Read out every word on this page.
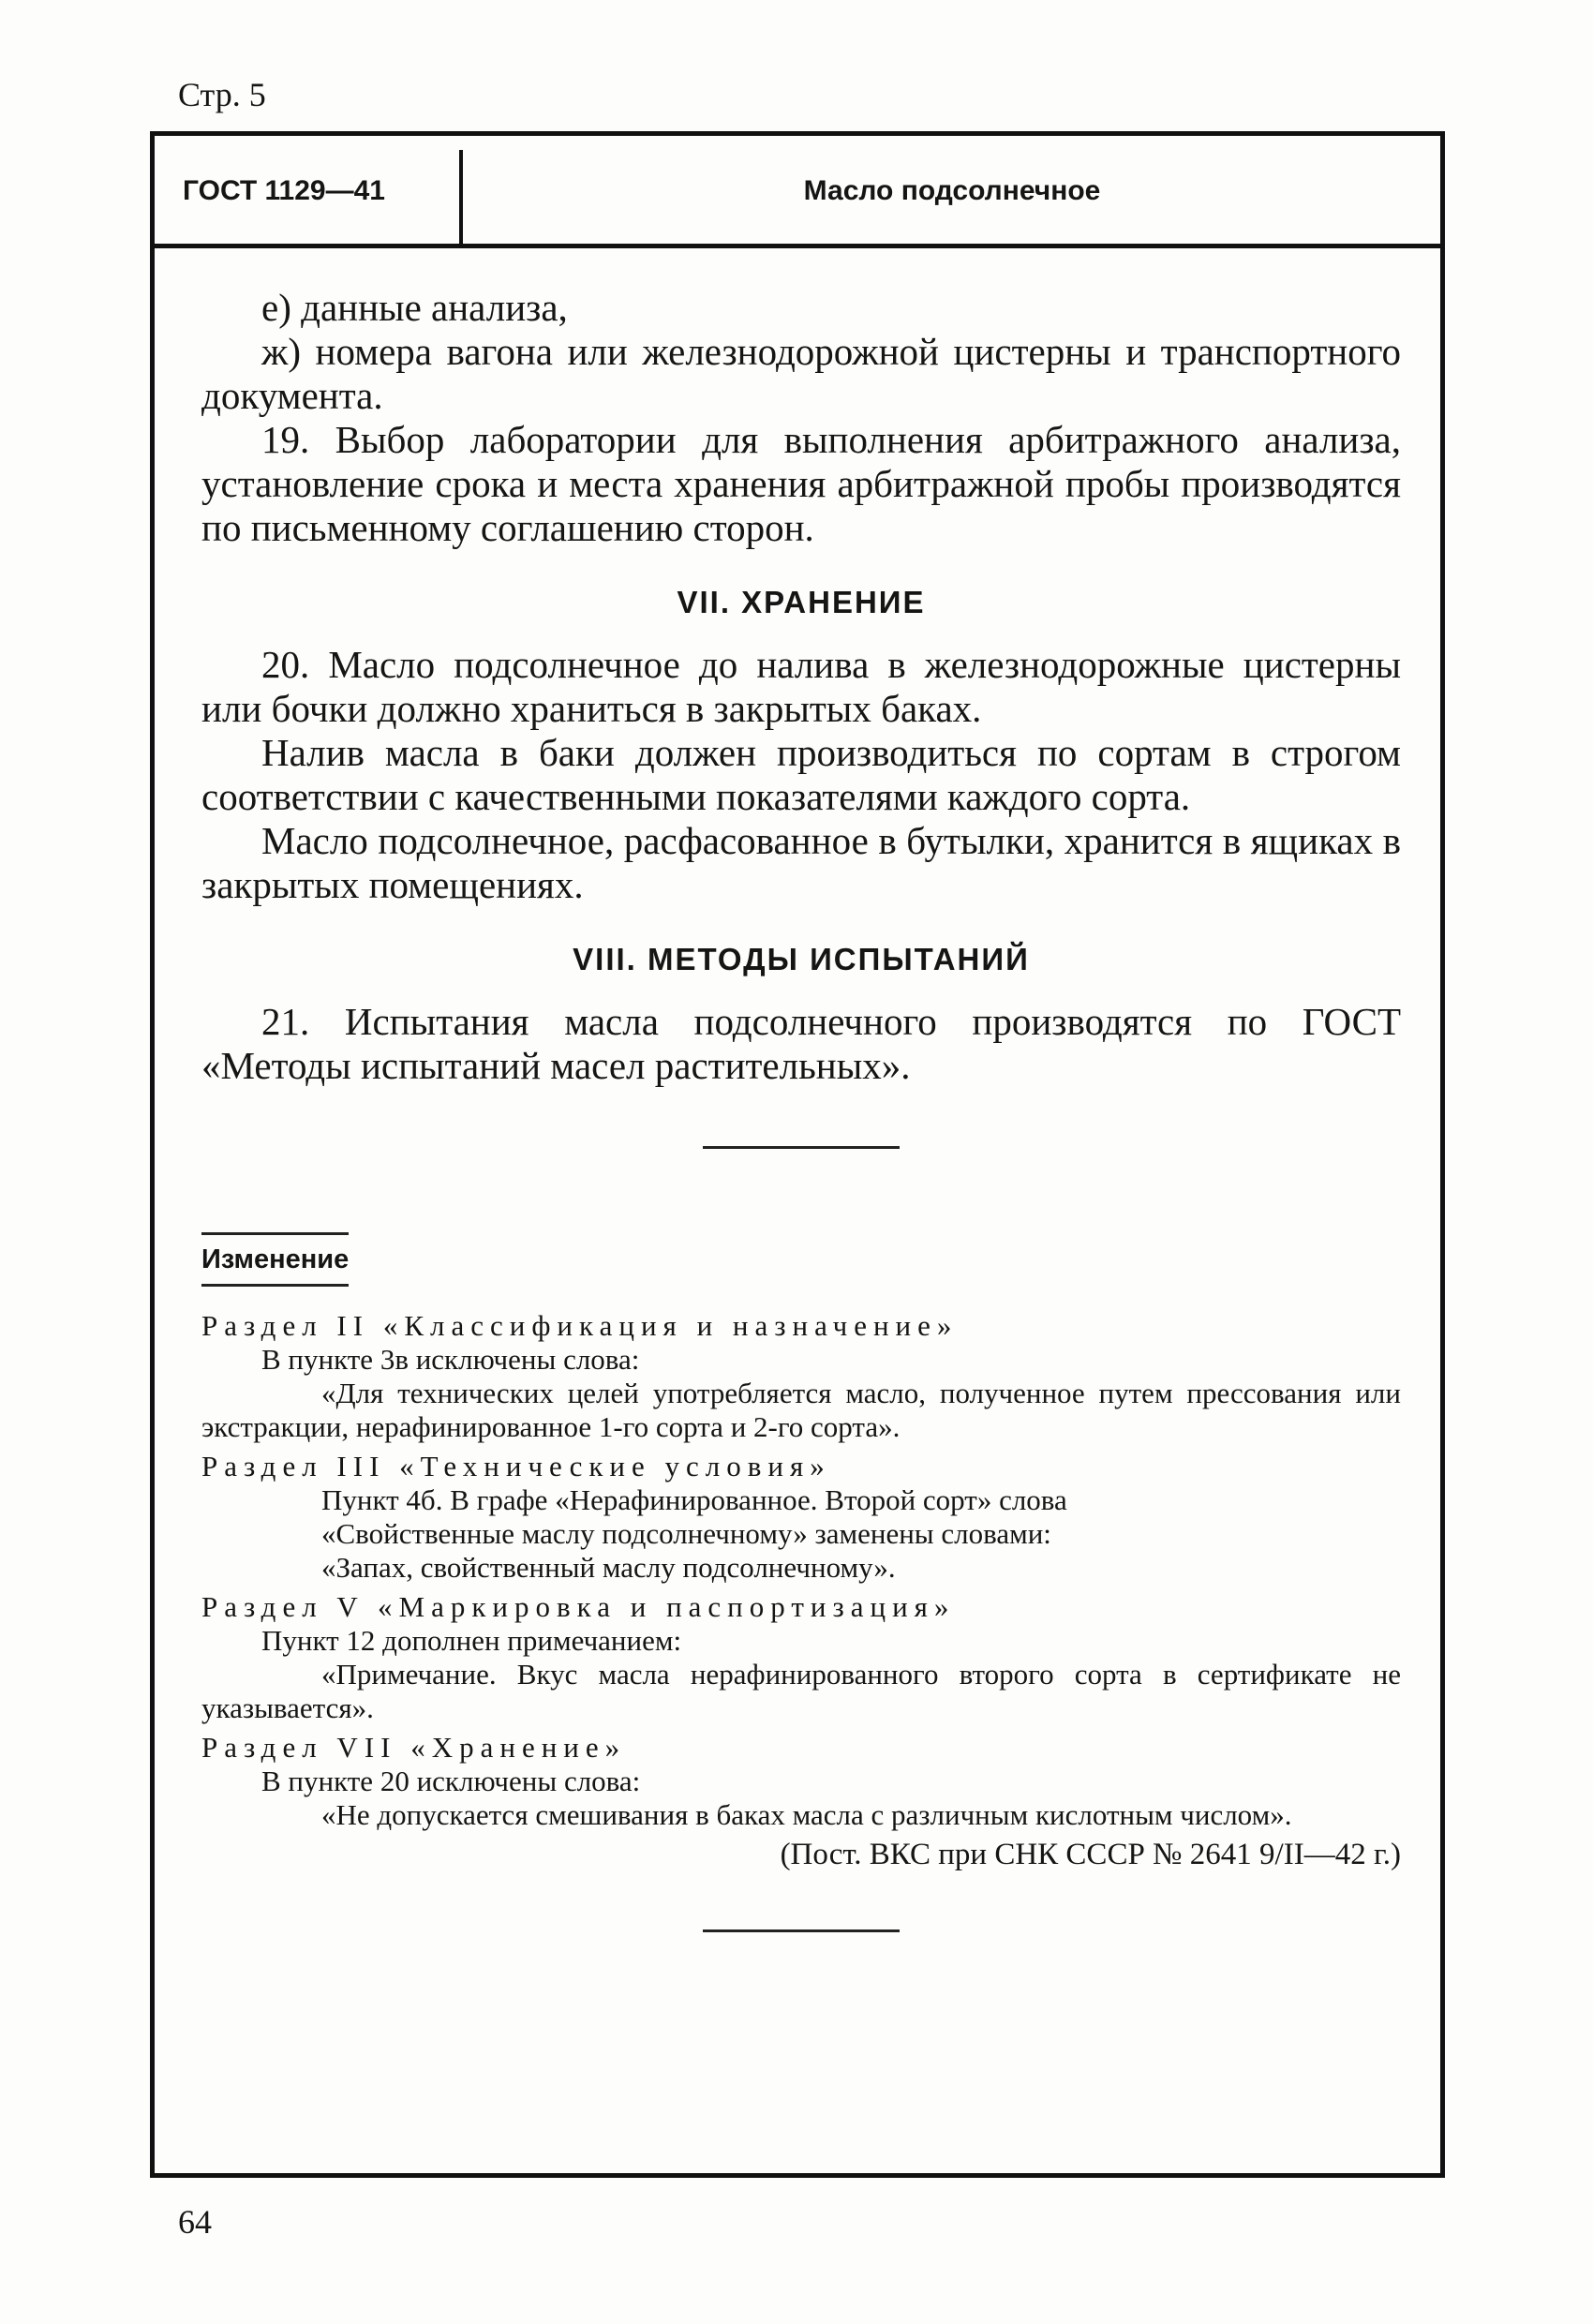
Стр. 5
ГОСТ 1129—41	Масло подсолнечное

е) данные анализа,

ж) номера вагона или железнодорожной цистерны и транспортного документа.

19. Выбор лаборатории для выполнения арбитражного анализа, установление срока и места хранения арбитражной пробы производятся по письменному соглашению сторон.

VII. ХРАНЕНИЕ

20. Масло подсолнечное до налива в железнодорожные цистерны или бочки должно храниться в закрытых баках.

Налив масла в баки должен производиться по сортам в строгом соответствии с качественными показателями каждого сорта.

Масло подсолнечное, расфасованное в бутылки, хранится в ящиках в закрытых помещениях.

VIII. МЕТОДЫ ИСПЫТАНИЙ

21. Испытания масла подсолнечного производятся по ГОСТ «Методы испытаний масел растительных».

Изменение
Раздел II «Классификация и назначение»
В пункте 3в исключены слова:
«Для технических целей употребляется масло, полученное путем прессования или экстракции, нерафинированное 1-го сорта и 2-го сорта».
Раздел III «Технические условия»
Пункт 4б. В графе «Нерафинированное. Второй сорт» слова
«Свойственные маслу подсолнечному» заменены словами:
«Запах, свойственный маслу подсолнечному».
Раздел V «Маркировка и паспортизация»
Пункт 12 дополнен примечанием:
«Примечание. Вкус масла нерафинированного второго сорта в сертификате не указывается».
Раздел VII «Хранение»
В пункте 20 исключены слова:
«Не допускается смешивания в баках масла с различным кислотным числом».
(Пост. ВКС при СНК СССР № 2641 9/II—42 г.)
64
